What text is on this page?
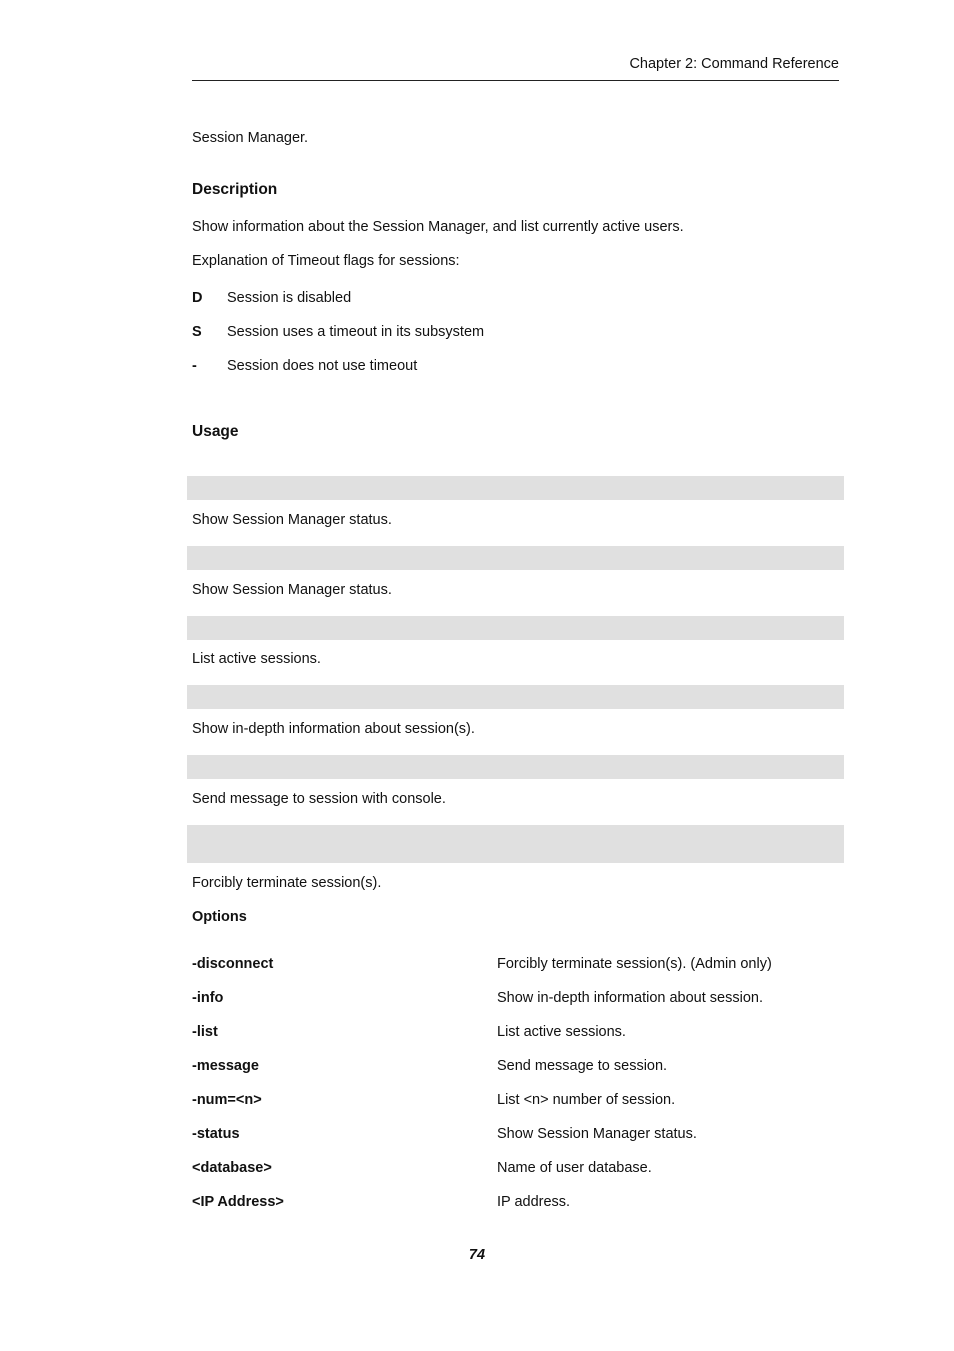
Chapter 2: Command Reference
Session Manager.
Description
Show information about the Session Manager, and list currently active users.
Explanation of Timeout flags for sessions:
D Session is disabled
S Session uses a timeout in its subsystem
- Session does not use timeout
Usage
Show Session Manager status.
Show Session Manager status.
List active sessions.
Show in-depth information about session(s).
Send message to session with console.
Forcibly terminate session(s).
Options
-disconnect	Forcibly terminate session(s). (Admin only)
-info	Show in-depth information about session.
-list	List active sessions.
-message	Send message to session.
-num=<n>	List <n> number of session.
-status	Show Session Manager status.
<database>	Name of user database.
<IP Address>	IP address.
74
